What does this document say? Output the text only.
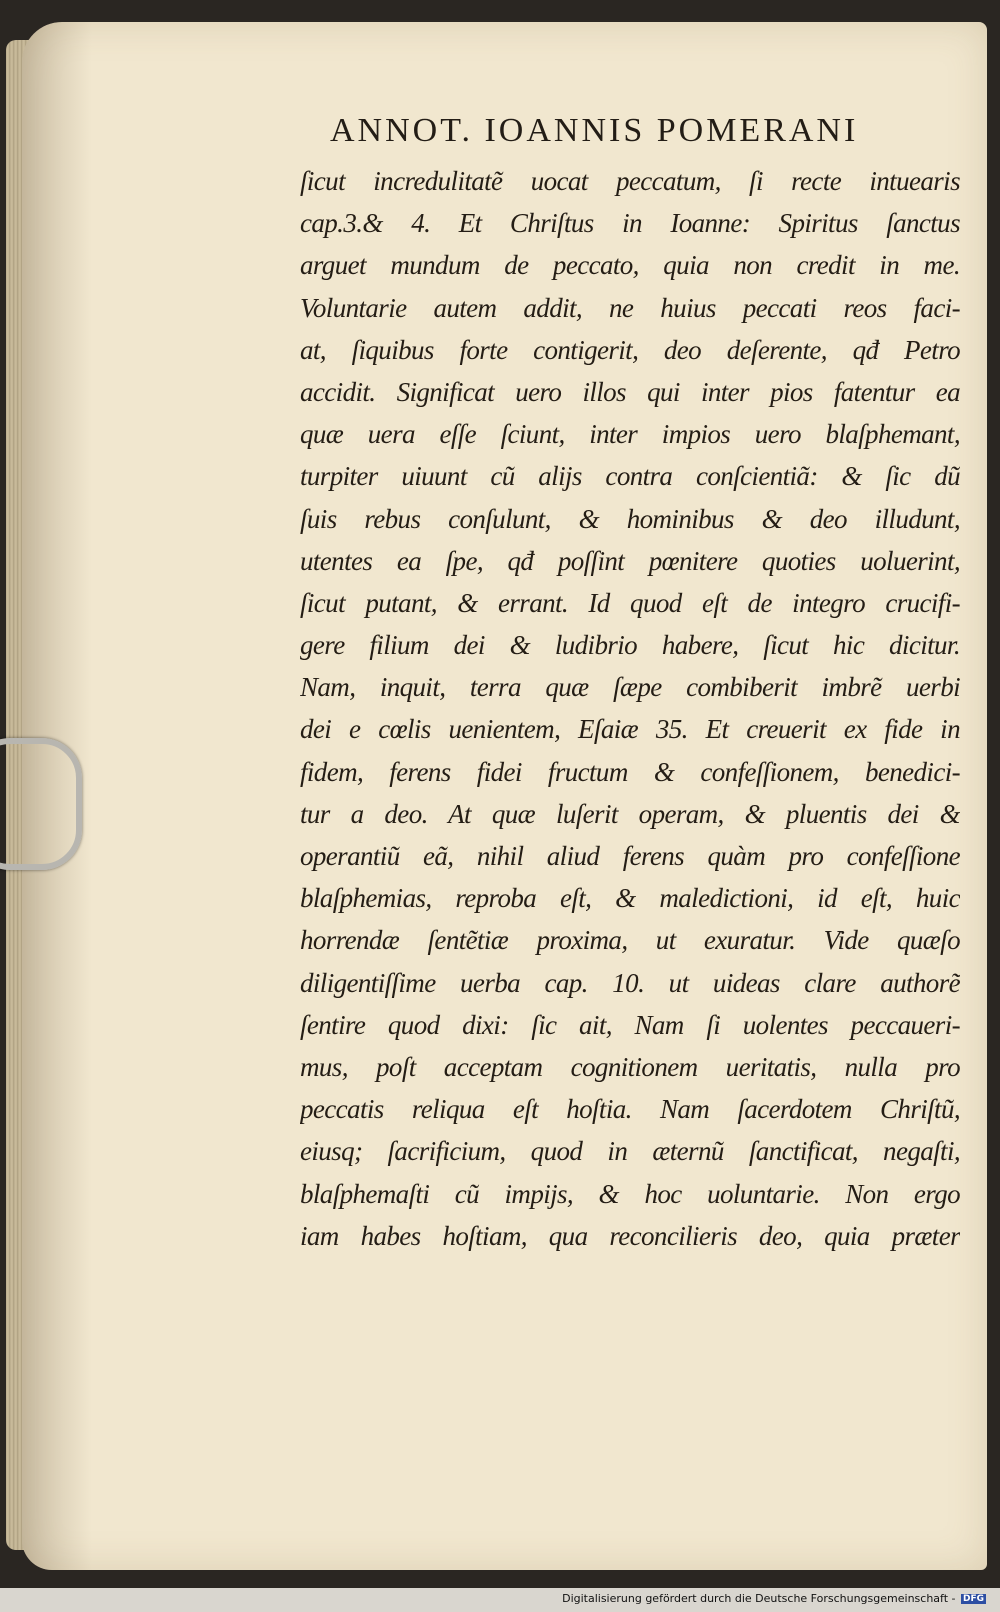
ANNOT. IOANNIS POMERANI
ſicut incredulitatẽ uocat peccatum, ſi recte intuearis
cap.3.& 4. Et Chriſtus in Ioanne: Spiritus ſanctus
arguet mundum de peccato, quia non credit in me.
Voluntarie autem addit, ne huius peccati reos faci-
at, ſiquibus forte contigerit, deo deſerente, qđ Petro
accidit. Significat uero illos qui inter pios fatentur ea
quæ uera eſſe ſciunt, inter impios uero blaſphemant,
turpiter uiuunt cũ alijs contra conſcientiã: & ſic dũ
ſuis rebus conſulunt, & hominibus & deo illudunt,
utentes ea ſpe, qđ poſſint pœnitere quoties uoluerint,
ſicut putant, & errant. Id quod eſt de integro crucifi-
gere filium dei & ludibrio habere, ſicut hic dicitur.
Nam, inquit, terra quæ ſæpe combiberit imbrẽ uerbi
dei e cœlis uenientem, Eſaiæ 35. Et creuerit ex fide in
fidem, ferens fidei fructum & confeſſionem, benedici-
tur a deo. At quæ luſerit operam, & pluentis dei &
operantiũ eã, nihil aliud ferens quàm pro confeſſione
blaſphemias, reproba eſt, & maledictioni, id eſt, huic
horrendæ ſentẽtiæ proxima, ut exuratur. Vide quæſo
diligentiſſime uerba cap. 10. ut uideas clare authorẽ
ſentire quod dixi: ſic ait, Nam ſi uolentes peccaueri-
mus, poſt acceptam cognitionem ueritatis, nulla pro
peccatis reliqua eſt hoſtia. Nam ſacerdotem Chriſtũ,
eiusq; ſacrificium, quod in æternũ ſanctificat, negaſti,
blaſphemaſti cũ impijs, & hoc uoluntarie. Non ergo
iam habes hoſtiam, qua reconcilieris deo, quia præter
Digitalisierung gefördert durch die Deutsche Forschungsgemeinschaft - DFG
